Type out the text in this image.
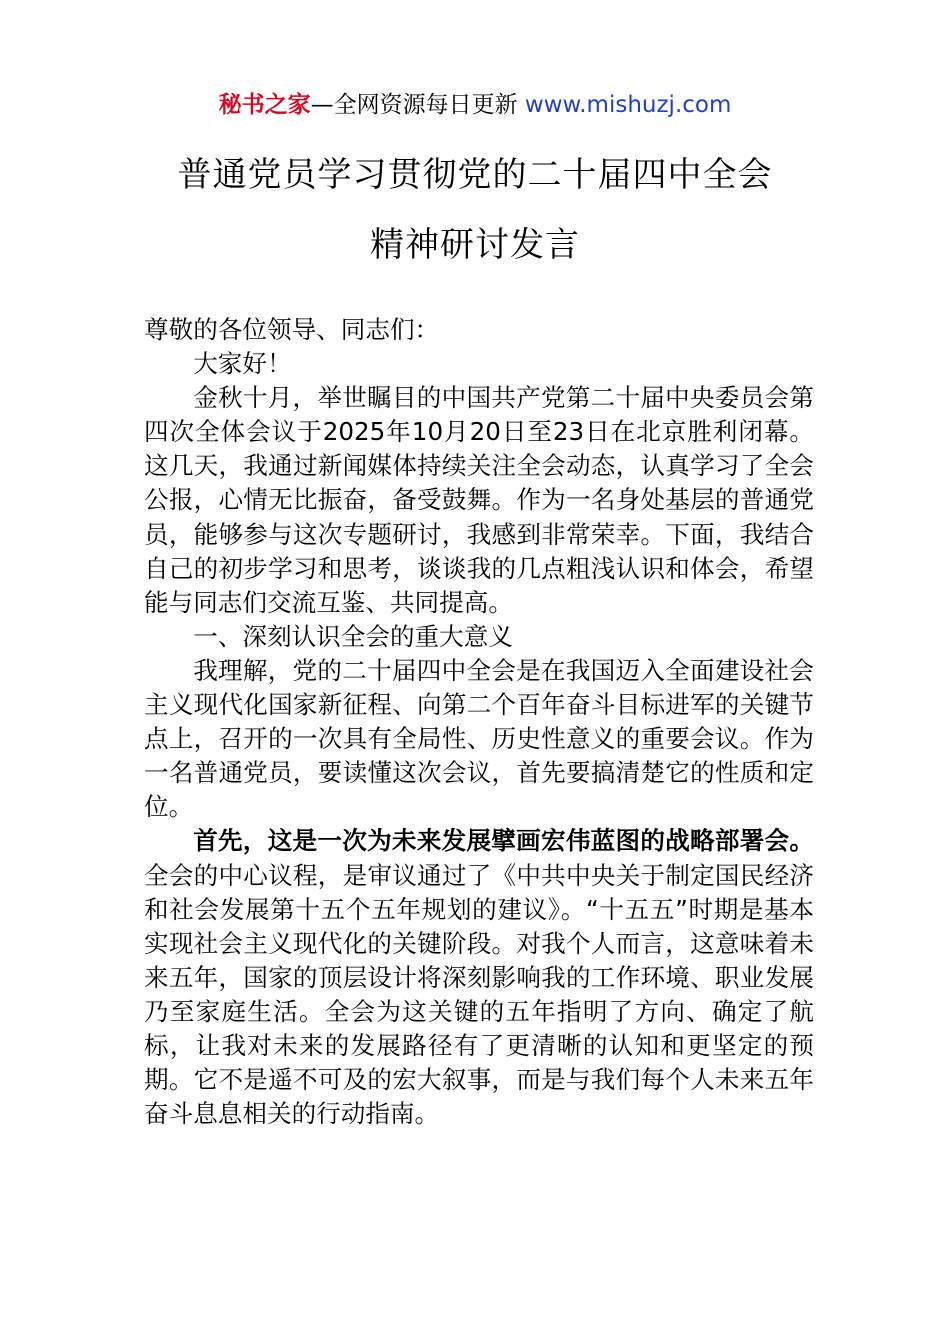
秘书之家—全网资源每日更新 www.mishuzj.com
普通党员学习贯彻党的二十届四中全会
精神研讨发言

尊敬的各位领导、同志们：

大家好！

金秋十月，举世瞩目的中国共产党第二十届中央委员会第四次全体会议于2025年10月20日至23日在北京胜利闭幕。这几天，我通过新闻媒体持续关注全会动态，认真学习了全会公报，心情无比振奋，备受鼓舞。作为一名身处基层的普通党员，能够参与这次专题研讨，我感到非常荣幸。下面，我结合自己的初步学习和思考，谈谈我的几点粗浅认识和体会，希望能与同志们交流互鉴、共同提高。

一、深刻认识全会的重大意义

我理解，党的二十届四中全会是在我国迈入全面建设社会主义现代化国家新征程、向第二个百年奋斗目标进军的关键节点上，召开的一次具有全局性、历史性意义的重要会议。作为一名普通党员，要读懂这次会议，首先要搞清楚它的性质和定位。

首先，这是一次为未来发展擘画宏伟蓝图的战略部署会。全会的中心议程，是审议通过了《中共中央关于制定国民经济和社会发展第十五个五年规划的建议》。“十五五”时期是基本实现社会主义现代化的关键阶段。对我个人而言，这意味着未来五年，国家的顶层设计将深刻影响我的工作环境、职业发展乃至家庭生活。全会为这关键的五年指明了方向、确定了航标，让我对未来的发展路径有了更清晰的认知和更坚定的预期。它不是遥不可及的宏大叙事，而是与我们每个人未来五年奋斗息息相关的行动指南。
